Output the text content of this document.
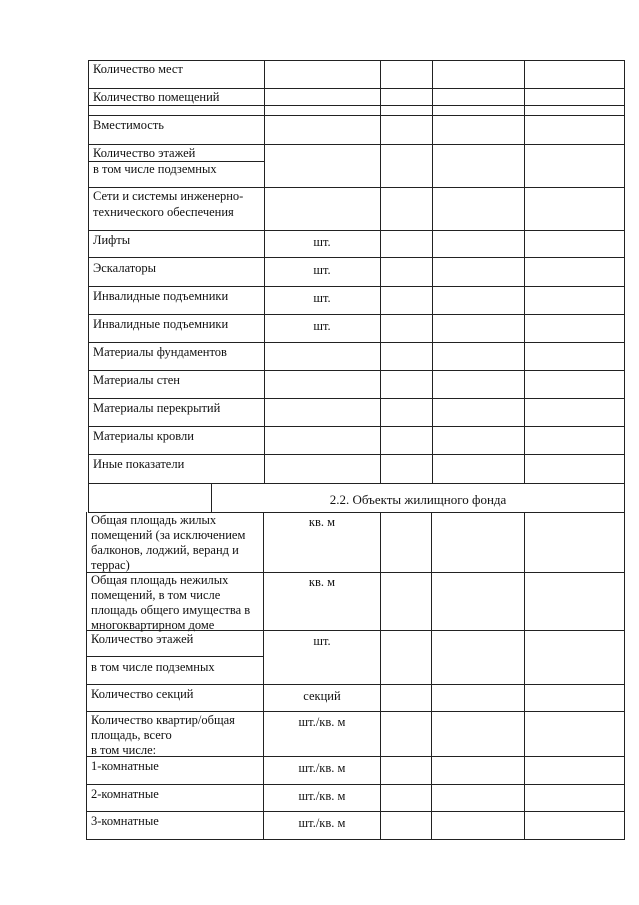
2.2. Объекты жилищного фонда
Количество мест
Количество помещений
Вместимость
Количество этажей
в том числе подземных
Сети и системы инженерно-
технического обеспечения
Лифты
Эскалаторы
Инвалидные подъемники
Инвалидные подъемники
Материалы фундаментов
Материалы стен
Материалы перекрытий
Материалы кровли
Иные показатели
шт.
шт.
шт.
шт.
Общая площадь жилых
помещений (за исключением
балконов, лоджий, веранд и
террас)
Общая площадь нежилых
помещений, в том числе
площадь общего имущества в
многоквартирном доме
Количество этажей
в том числе подземных
Количество секций
Количество квартир/общая
площадь, всего
в том числе:
1-комнатные
2-комнатные
3-комнатные
кв. м
кв. м
шт.
секций
шт./кв. м
шт./кв. м
шт./кв. м
шт./кв. м
